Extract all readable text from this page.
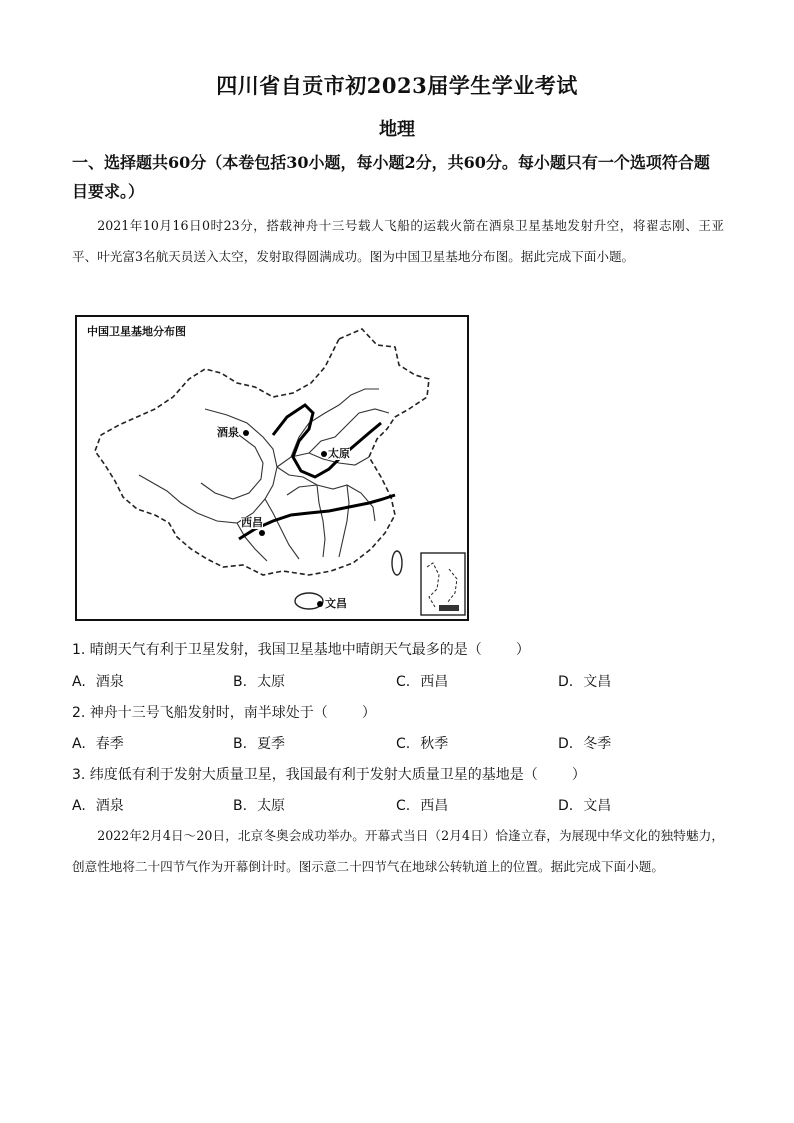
四川省自贡市初2023届学生学业考试
地理
一、选择题共60分（本卷包括30小题，每小题2分，共60分。每小题只有一个选项符合题目要求。）
2021年10月16日0时23分，搭载神舟十三号载人飞船的运载火箭在酒泉卫星基地发射升空，将翟志刚、王亚平、叶光富3名航天员送入太空，发射取得圆满成功。图为中国卫星基地分布图。据此完成下面小题。
中国卫星基地分布图
酒泉
太原
西昌
文昌
1. 晴朗天气有利于卫星发射，我国卫星基地中晴朗天气最多的是（ ）
A. 酒泉	B. 太原	C. 西昌	D. 文昌
2. 神舟十三号飞船发射时，南半球处于（ ）
A. 春季	B. 夏季	C. 秋季	D. 冬季
3. 纬度低有利于发射大质量卫星，我国最有利于发射大质量卫星的基地是（ ）
A. 酒泉	B. 太原	C. 西昌	D. 文昌
2022年2月4日～20日，北京冬奥会成功举办。开幕式当日（2月4日）恰逢立春，为展现中华文化的独特魅力，创意性地将二十四节气作为开幕倒计时。图示意二十四节气在地球公转轨道上的位置。据此完成下面小题。
